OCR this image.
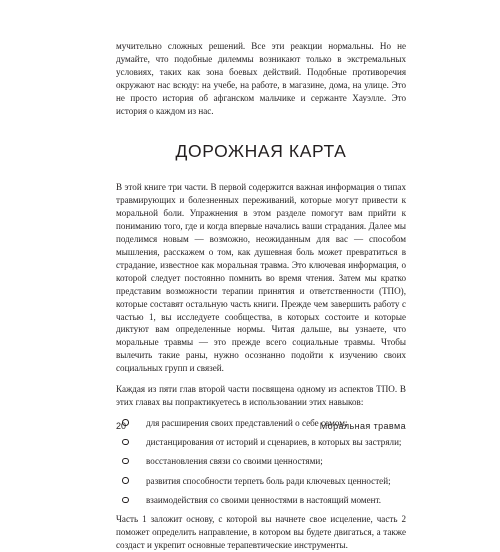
мучительно сложных решений. Все эти реакции нормальны. Но не думайте, что подобные дилеммы возникают только в экстремальных условиях, таких как зона боевых действий. Подобные противоречия окружают нас всюду: на учебе, на работе, в магазине, дома, на улице. Это не просто история об афганском мальчике и сержанте Хауэлле. Это история о каждом из нас.

ДОРОЖНАЯ КАРТА

В этой книге три части. В первой содержится важная информация о типах травмирующих и болезненных переживаний, которые могут привести к моральной боли. Упражнения в этом разделе помогут вам прийти к пониманию того, где и когда впервые начались ваши страдания. Далее мы поделимся новым — возможно, неожиданным для вас — способом мышления, расскажем о том, как душевная боль может превратиться в страдание, известное как моральная травма. Это ключевая информация, о которой следует постоянно помнить во время чтения. Затем мы кратко представим возможности терапии принятия и ответственности (ТПО), которые составят остальную часть книги. Прежде чем завершить работу с частью 1, вы исследуете сообщества, в которых состоите и которые диктуют вам определенные нормы. Читая дальше, вы узнаете, что моральные травмы — это прежде всего социальные травмы. Чтобы вылечить такие раны, нужно осознанно подойти к изучению своих социальных групп и связей.

Каждая из пяти глав второй части посвящена одному из аспектов ТПО. В этих главах вы попрактикуетесь в использовании этих навыков:

для расширения своих представлений о себе самом;
дистанцирования от историй и сценариев, в которых вы застряли;
восстановления связи со своими ценностями;
развития способности терпеть боль ради ключевых ценностей;
взаимодействия со своими ценностями в настоящий момент.

Часть 1 заложит основу, с которой вы начнете свое исцеление, часть 2 поможет определить направление, в котором вы будете двигаться, а также создаст и укрепит основные терапевтические инструменты.

20	Моральная травма
